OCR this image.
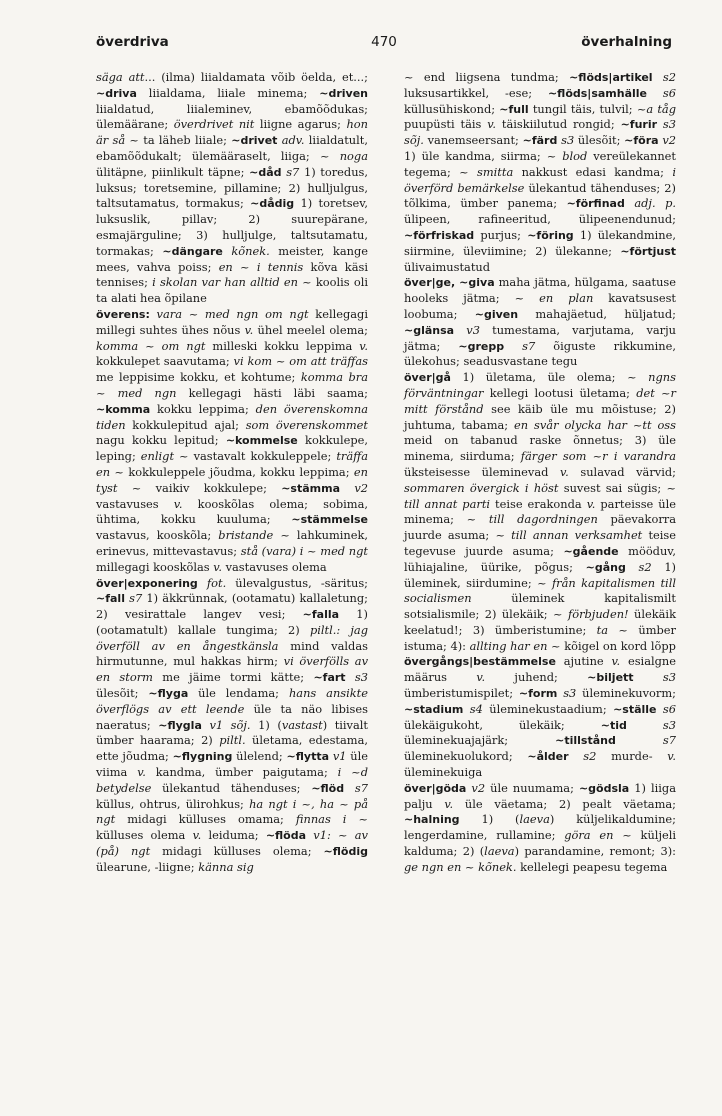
överdriva	470	överhalning

säga att... (ilma) liialdamata võib öelda, et...; ~driva liialdama, liiale minema; ~driven liialdatud, liialeminev, ebamõõdukas; ülemäärane; överdrivet nit liigne agarus; hon är så ~ ta läheb liiale; ~drivet adv. liialdatult, ebamõõdukalt; ülemääraselt, liiga; ~ noga ülitäpne, piinlikult täpne; ~dåd s7 1) toredus, luksus; toretsemine, pillamine; 2) hulljulgus, taltsutamatus, tormakus; ~dådig 1) toretsev, luksuslik, pillav; 2) suurepärane, esmajärguline; 3) hulljulge, taltsutamatu, tormakas; ~dängare kõnek. meister, kange mees, vahva poiss; en ~ i tennis kõva käsi tennises; i skolan var han alltid en ~ koolis oli ta alati hea õpilane

överens: vara ~ med ngn om ngt kellegagi millegi suhtes ühes nõus v. ühel meelel olema; komma ~ om ngt milleski kokku leppima v. kokkulepet saavutama; vi kom ~ om att träffas me leppisime kokku, et kohtume; komma bra ~ med ngn kellegagi hästi läbi saama; ~komma kokku leppima; den överenskomna tiden kokkulepitud ajal; som överenskommet nagu kokku lepitud; ~kommelse kokkulepe, leping; enligt ~ vastavalt kokkuleppele; träffa en ~ kokkuleppele jõudma, kokku leppima; en tyst ~ vaikiv kokkulepe; ~stämma v2 vastavuses v. kooskõlas olema; sobima, ühtima, kokku kuuluma; ~stämmelse vastavus, kooskõla; bristande ~ lahkuminek, erinevus, mittevastavus; stå (vara) i ~ med ngt millegagi kooskõlas v. vastavuses olema

över|exponering fot. ülevalgustus, -säritus; ~fall s7 1) äkkrünnak, (ootamatu) kallaletung; 2) vesirattale langev vesi; ~falla 1) (ootamatult) kallale tungima; 2) piltl.: jag överföll av en ångestkänsla mind valdas hirmutunne, mul hakkas hirm; vi överfölls av en storm me jäime tormi kätte; ~fart s3 ülesõit; ~flyga üle lendama; hans ansikte överflögs av ett leende üle ta näo libises naeratus; ~flygla v1 sõj. 1) (vastast) tiivalt ümber haarama; 2) piltl. ületama, edestama, ette jõudma; ~flygning ülelend; ~flytta v1 üle viima v. kandma, ümber paigutama; i ~d betydelse ülekantud tähenduses; ~flöd s7 küllus, ohtrus, ülirohkus; ha ngt i ~, ha ~ på ngt midagi külluses omama; finnas i ~ külluses olema v. leiduma; ~flöda v1: ~ av (på) ngt midagi külluses olema; ~flödig ülearune, -liigne; känna sig

~ end liigsena tundma; ~flöds|artikel s2 luksusartikkel, -ese; ~flöds|samhälle s6 küllusühiskond; ~full tungil täis, tulvil; ~a tåg puupüsti täis v. täiskiilutud rongid; ~furir s3 sõj. vanemseersant; ~färd s3 ülesõit; ~föra v2 1) üle kandma, siirma; ~ blod vereülekannet tegema; ~ smitta nakkust edasi kandma; i överförd bemärkelse ülekantud tähenduses; 2) tõlkima, ümber panema; ~förfinad adj. p. ülipeen, rafineeritud, ülipeenendunud; ~förfriskad purjus; ~föring 1) ülekandmine, siirmine, üleviimine; 2) ülekanne; ~förtjust ülivaimustatud

över|ge, ~giva maha jätma, hülgama, saatuse hooleks jätma; ~ en plan kavatsusest loobuma; ~given mahajäetud, hüljatud; ~glänsa v3 tumestama, varjutama, varju jätma; ~grepp s7 õiguste rikkumine, ülekohus; seadusvastane tegu

över|gå 1) ületama, üle olema; ~ ngns förväntningar kellegi lootusi ületama; det ~r mitt förstånd see käib üle mu mõistuse; 2) juhtuma, tabama; en svår olycka har ~tt oss meid on tabanud raske õnnetus; 3) üle minema, siirduma; färger som ~r i varandra üksteisesse üleminevad v. sulavad värvid; sommaren övergick i höst suvest sai sügis; ~ till annat parti teise erakonda v. parteisse üle minema; ~ till dagordningen päevakorra juurde asuma; ~ till annan verksamhet teise tegevuse juurde asuma; ~gående mööduv, lühiajaline, üürike, põgus; ~gång s2 1) üleminek, siirdumine; ~ från kapitalismen till socialismen üleminek kapitalismilt sotsialismile; 2) ülekäik; ~ förbjuden! ülekäik keelatud!; 3) ümberistumine; ta ~ ümber istuma; 4): allting har en ~ kõigel on kord lõpp

övergångs|bestämmelse ajutine v. esialgne määrus v. juhend; ~biljett	s3 ümberistumispilet; ~form s3 üleminekuvorm; ~stadium s4 üleminekustaadium; ~ställe s6 ülekäigukoht, ülekäik; ~tid	s3 üleminekuajajärk; ~tillstånd	s7 üleminekuolukord; ~ålder s2 murde- v. üleminekuiga

över|göda v2 üle nuumama; ~gödsla 1) liiga palju v. üle väetama; 2) pealt väetama; ~halning 1) (laeva) küljelikaldumine; lengerdamine, rullamine; göra en ~ küljeli kalduma; 2) (laeva) parandamine, remont; 3): ge ngn en ~ kõnek. kellelegi peapesu tegema
